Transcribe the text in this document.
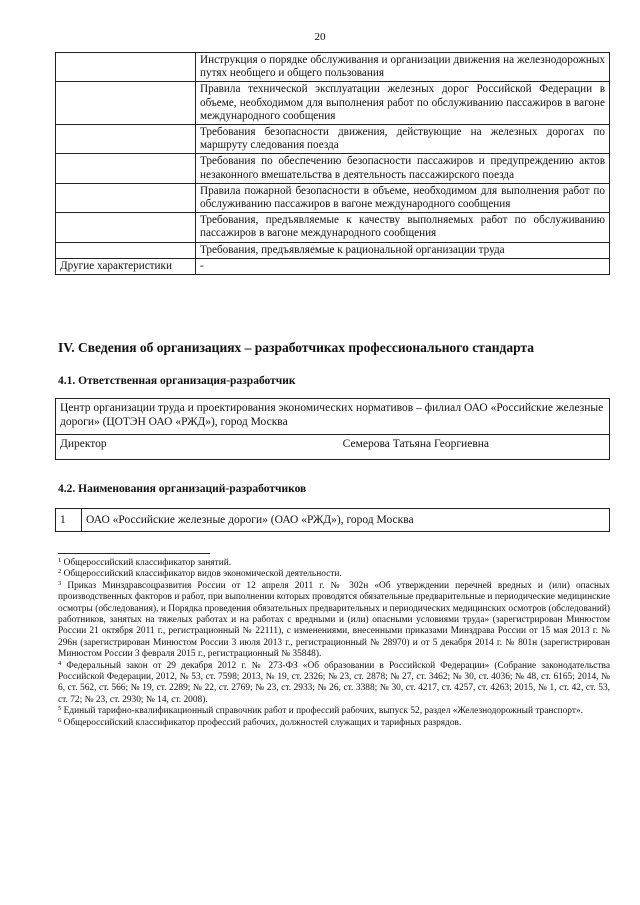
20
	Инструкция о порядке обслуживания и организации движения на железнодорожных путях необщего и общего пользования
	Правила технической эксплуатации железных дорог Российской Федерации в объеме, необходимом для выполнения работ по обслуживанию пассажиров в вагоне международного сообщения
	Требования безопасности движения, действующие на железных дорогах по маршруту следования поезда
	Требования по обеспечению безопасности пассажиров и предупреждению актов незаконного вмешательства в деятельность пассажирского поезда
	Правила пожарной безопасности в объеме, необходимом для выполнения работ по обслуживанию пассажиров в вагоне международного сообщения
	Требования, предъявляемые к качеству выполняемых работ по обслуживанию пассажиров в вагоне международного сообщения
	Требования, предъявляемые к рациональной организации труда
Другие характеристики	-
IV. Сведения об организациях – разработчиках профессионального стандарта
4.1. Ответственная организация-разработчик
Центр организации труда и проектирования экономических нормативов – филиал ОАО «Российские железные дороги» (ЦОТЭН ОАО «РЖД»), город Москва
Директор	Семерова Татьяна Георгиевна
4.2. Наименования организаций-разработчиков
1	ОАО «Российские железные дороги» (ОАО «РЖД»), город Москва
$^1$ Общероссийский классификатор занятий.
$^2$ Общероссийский классификатор видов экономической деятельности.
$^3$ Приказ Минздравсоцразвития России от 12 апреля 2011 г. № 302н «Об утверждении перечней вредных и (или) опасных производственных факторов и работ, при выполнении которых проводятся обязательные предварительные и периодические медицинские осмотры (обследования), и Порядка проведения обязательных предварительных и периодических медицинских осмотров (обследований) работников, занятых на тяжелых работах и на работах с вредными и (или) опасными условиями труда» (зарегистрирован Минюстом России 21 октября 2011 г., регистрационный № 22111), с изменениями, внесенными приказами Минздрава России от 15 мая 2013 г. № 296н (зарегистрирован Минюстом России 3 июля 2013 г., регистрационный № 28970) и от 5 декабря 2014 г. № 801н (зарегистрирован Минюстом России 3 февраля 2015 г., регистрационный № 35848).
$^4$ Федеральный закон от 29 декабря 2012 г. № 273-ФЗ «Об образовании в Российской Федерации» (Собрание законодательства Российской Федерации, 2012, № 53, ст. 7598; 2013, № 19, ст. 2326; № 23, ст. 2878; № 27, ст. 3462; № 30, ст. 4036; № 48, ст. 6165; 2014, № 6, ст. 562, ст. 566; № 19, ст. 2289; № 22, ст. 2769; № 23, ст. 2933; № 26, ст. 3388; № 30, ст. 4217, ст. 4257, ст. 4263; 2015, № 1, ст. 42, ст. 53, ст. 72; № 23, ст. 2930; № 14, ст. 2008).
$^5$ Единый тарифно-квалификационный справочник работ и профессий рабочих, выпуск 52, раздел «Железнодорожный транспорт».
$^6$ Общероссийский классификатор профессий рабочих, должностей служащих и тарифных разрядов.
